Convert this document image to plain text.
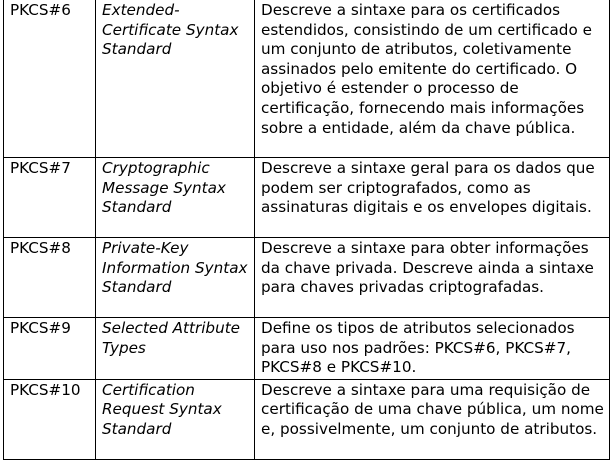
PKCS#6	Extended-Certificate Syntax Standard	Descreve a sintaxe para os certificados estendidos, consistindo de um certificado e um conjunto de atributos, coletivamente assinados pelo emitente do certificado. O objetivo é estender o processo de certificação, fornecendo mais informações sobre a entidade, além da chave pública.
PKCS#7	Cryptographic Message Syntax Standard	Descreve a sintaxe geral para os dados que podem ser criptografados, como as assinaturas digitais e os envelopes digitais.
PKCS#8	Private-Key Information Syntax Standard	Descreve a sintaxe para obter informações da chave privada. Descreve ainda a sintaxe para chaves privadas criptografadas.
PKCS#9	Selected Attribute Types	Define os tipos de atributos selecionados para uso nos padrões: PKCS#6, PKCS#7, PKCS#8 e PKCS#10.
PKCS#10	Certification Request Syntax Standard	Descreve a sintaxe para uma requisição de certificação de uma chave pública, um nome e, possivelmente, um conjunto de atributos.
